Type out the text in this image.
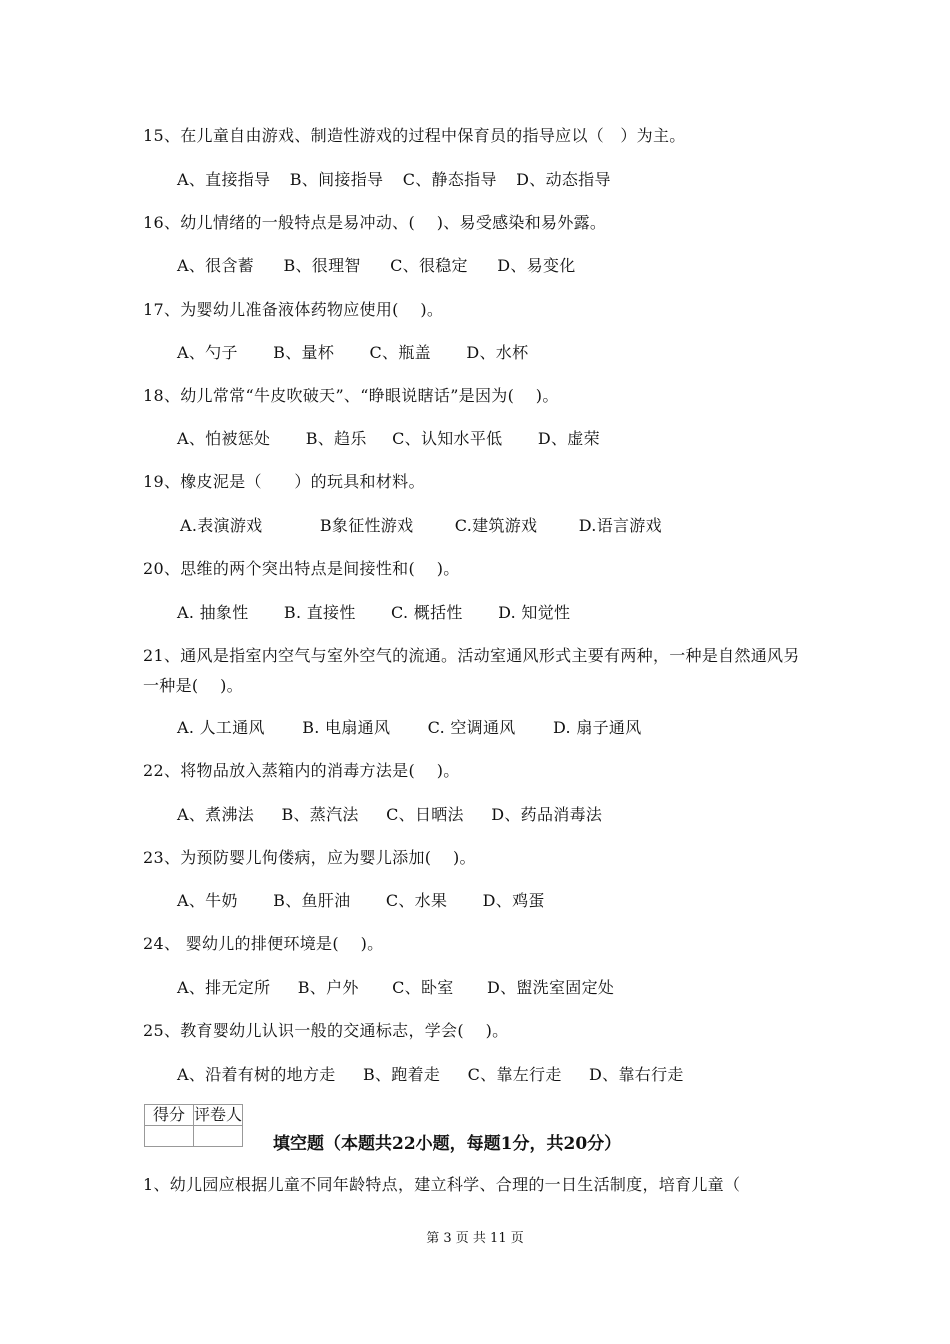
15、在儿童自由游戏、制造性游戏的过程中保育员的指导应以（　）为主。
A、直接指导 B、间接指导 C、静态指导 D、动态指导
16、幼儿情绪的一般特点是易冲动、(　 )、易受感染和易外露。
A、很含蓄 B、很理智 C、很稳定 D、易变化
17、为婴幼儿准备液体药物应使用(　 )。
A、勺子 B、量杯 C、瓶盖 D、水杯
18、幼儿常常“牛皮吹破天”、“睁眼说瞎话”是因为(　 )。
A、怕被惩处 B、趋乐 C、认知水平低 D、虚荣
19、橡皮泥是（　　）的玩具和材料。
A.表演游戏	B象征性游戏	C.建筑游戏	D.语言游戏
20、思维的两个突出特点是间接性和(　 )。
A. 抽象性 B. 直接性 C. 概括性 D. 知觉性
21、通风是指室内空气与室外空气的流通。活动室通风形式主要有两种，一种是自然通风另一种是(　 )。
A. 人工通风 B. 电扇通风 C. 空调通风 D. 扇子通风
22、将物品放入蒸箱内的消毒方法是(　 )。
A、煮沸法 B、蒸汽法 C、日晒法 D、药品消毒法
23、为预防婴儿佝偻病，应为婴儿添加(　 )。
A、牛奶 B、鱼肝油 C、水果 D、鸡蛋
24、 婴幼儿的排便环境是(　 )。
A、排无定所 B、户外 C、卧室 D、盥洗室固定处
25、教育婴幼儿认识一般的交通标志，学会(　 )。
A、沿着有树的地方走 B、跑着走 C、靠左行走 D、靠右行走
得分	评卷人

填空题（本题共22小题，每题1分，共20分）
1、幼儿园应根据儿童不同年龄特点，建立科学、合理的一日生活制度，培育儿童（
第 3 页 共 11 页
